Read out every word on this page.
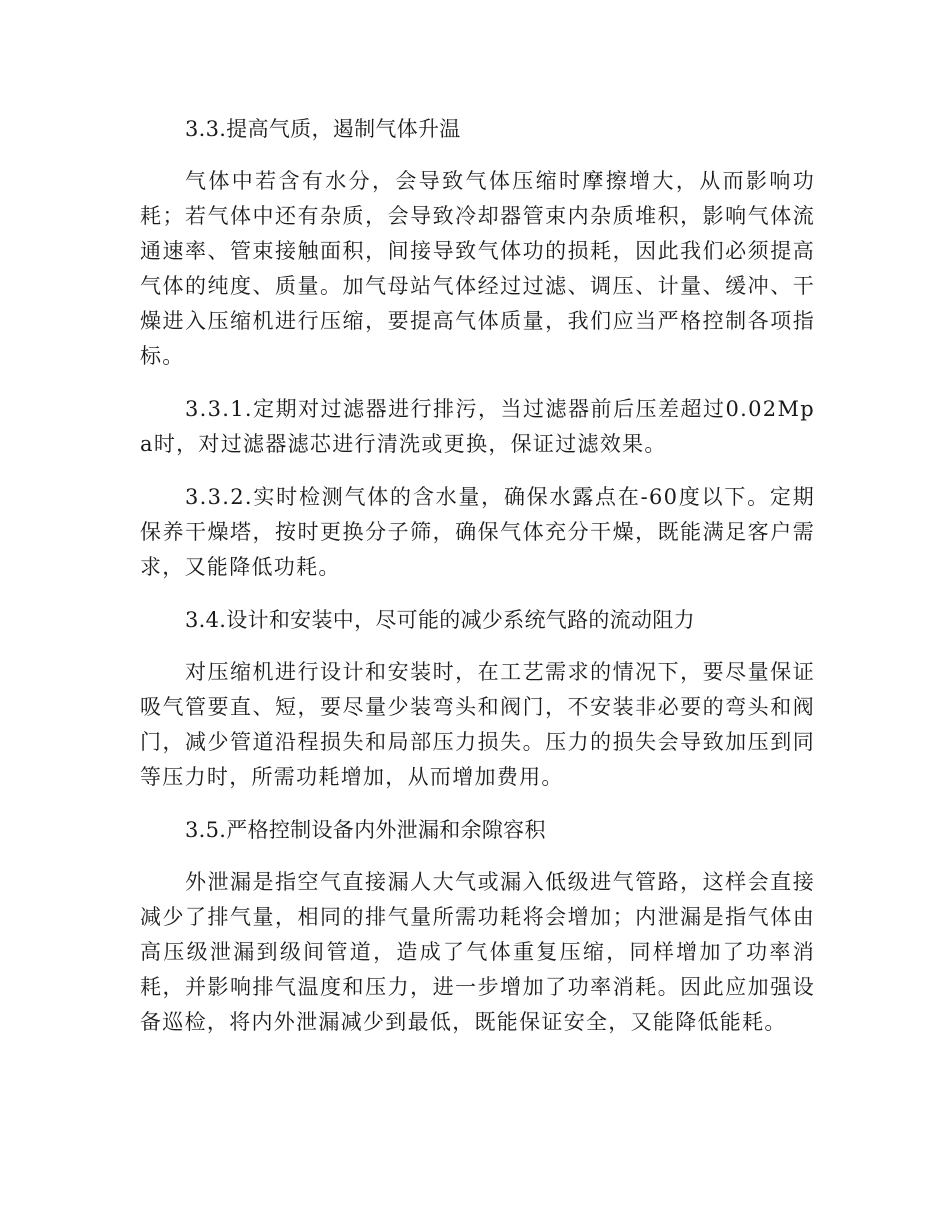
3.3.提高气质，遏制气体升温

气体中若含有水分，会导致气体压缩时摩擦增大，从而影响功耗；若气体中还有杂质，会导致冷却器管束内杂质堆积，影响气体流通速率、管束接触面积，间接导致气体功的损耗，因此我们必须提高气体的纯度、质量。加气母站气体经过过滤、调压、计量、缓冲、干燥进入压缩机进行压缩，要提高气体质量，我们应当严格控制各项指标。

3.3.1.定期对过滤器进行排污，当过滤器前后压差超过0.02Mpa时，对过滤器滤芯进行清洗或更换，保证过滤效果。

3.3.2.实时检测气体的含水量，确保水露点在-60度以下。定期保养干燥塔，按时更换分子筛，确保气体充分干燥，既能满足客户需求，又能降低功耗。

3.4.设计和安装中，尽可能的减少系统气路的流动阻力

对压缩机进行设计和安装时，在工艺需求的情况下，要尽量保证吸气管要直、短，要尽量少装弯头和阀门，不安装非必要的弯头和阀门，减少管道沿程损失和局部压力损失。压力的损失会导致加压到同等压力时，所需功耗增加，从而增加费用。

3.5.严格控制设备内外泄漏和余隙容积

外泄漏是指空气直接漏人大气或漏入低级进气管路，这样会直接减少了排气量，相同的排气量所需功耗将会增加；内泄漏是指气体由高压级泄漏到级间管道，造成了气体重复压缩，同样增加了功率消耗，并影响排气温度和压力，进一步增加了功率消耗。因此应加强设备巡检，将内外泄漏减少到最低，既能保证安全，又能降低能耗。
